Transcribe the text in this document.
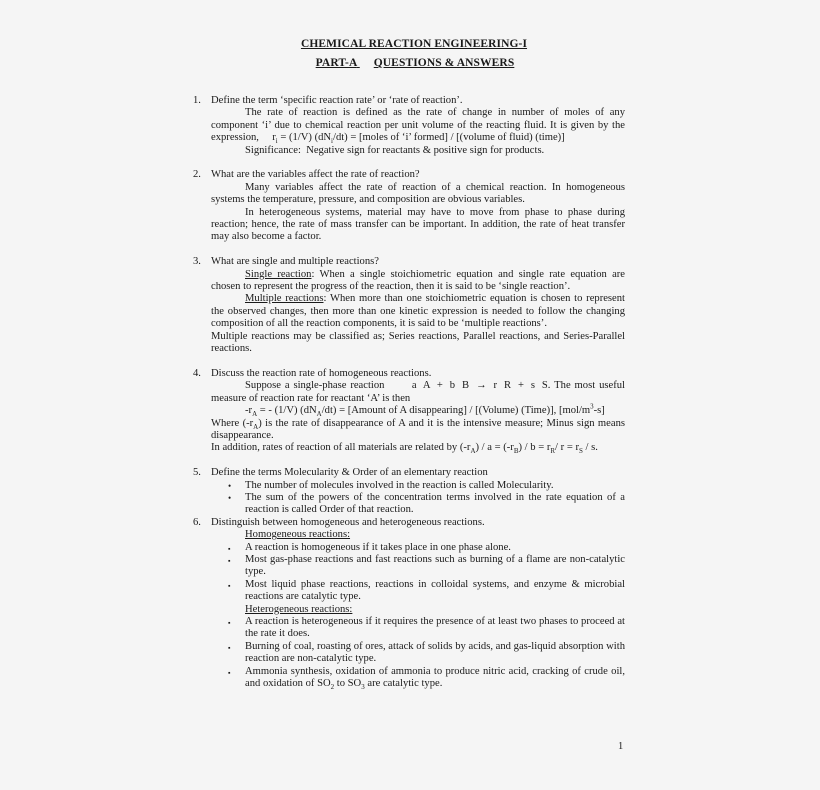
CHEMICAL REACTION ENGINEERING-I
PART-A QUESTIONS & ANSWERS
1. Define the term ‘specific reaction rate’ or ‘rate of reaction’.
The rate of reaction is defined as the rate of change in number of moles of any component ‘i’ due to chemical reaction per unit volume of the reacting fluid. It is given by the expression, $r_i = (1/V) (dN_i/dt)$ = [moles of ‘i’ formed] / [(volume of fluid) (time)]
Significance: Negative sign for reactants & positive sign for products.
2. What are the variables affect the rate of reaction?
Many variables affect the rate of reaction of a chemical reaction. In homogeneous systems the temperature, pressure, and composition are obvious variables.
In heterogeneous systems, material may have to move from phase to phase during reaction; hence, the rate of mass transfer can be important. In addition, the rate of heat transfer may also become a factor.
3. What are single and multiple reactions?
Single reaction: When a single stoichiometric equation and single rate equation are chosen to represent the progress of the reaction, then it is said to be ‘single reaction’.
Multiple reactions: When more than one stoichiometric equation is chosen to represent the observed changes, then more than one kinetic expression is needed to follow the changing composition of all the reaction components, it is said to be ‘multiple reactions’.
Multiple reactions may be classified as; Series reactions, Parallel reactions, and Series-Parallel reactions.
4. Discuss the reaction rate of homogeneous reactions.
Suppose a single-phase reaction	a A + b B → r R + s S. The most useful measure of reaction rate for reactant ‘A’ is then
$-r_A$ = - (1/V) $(dN_A/dt)$ = [Amount of A disappearing] / [(Volume) (Time)], $[mol/m^3-s]$
Where $(-r_A)$ is the rate of disappearance of A and it is the intensive measure; Minus sign means disappearance.
In addition, rates of reaction of all materials are related by $(-r_A) / a = (-r_B) / b = r_R/$ $r = r_S / s$.
5. Define the terms Molecularity & Order of an elementary reaction
• The number of molecules involved in the reaction is called Molecularity.
• The sum of the powers of the concentration terms involved in the rate equation of a reaction is called Order of that reaction.
6. Distinguish between homogeneous and heterogeneous reactions.
Homogeneous reactions:
▪ A reaction is homogeneous if it takes place in one phase alone.
▪ Most gas-phase reactions and fast reactions such as burning of a flame are non-catalytic type.
▪ Most liquid phase reactions, reactions in colloidal systems, and enzyme & microbial reactions are catalytic type.
Heterogeneous reactions:
▪ A reaction is heterogeneous if it requires the presence of at least two phases to proceed at the rate it does.
▪ Burning of coal, roasting of ores, attack of solids by acids, and gas-liquid absorption with reaction are non-catalytic type.
▪ Ammonia synthesis, oxidation of ammonia to produce nitric acid, cracking of crude oil, and oxidation of $SO_2$ to $SO_3$ are catalytic type.
1
